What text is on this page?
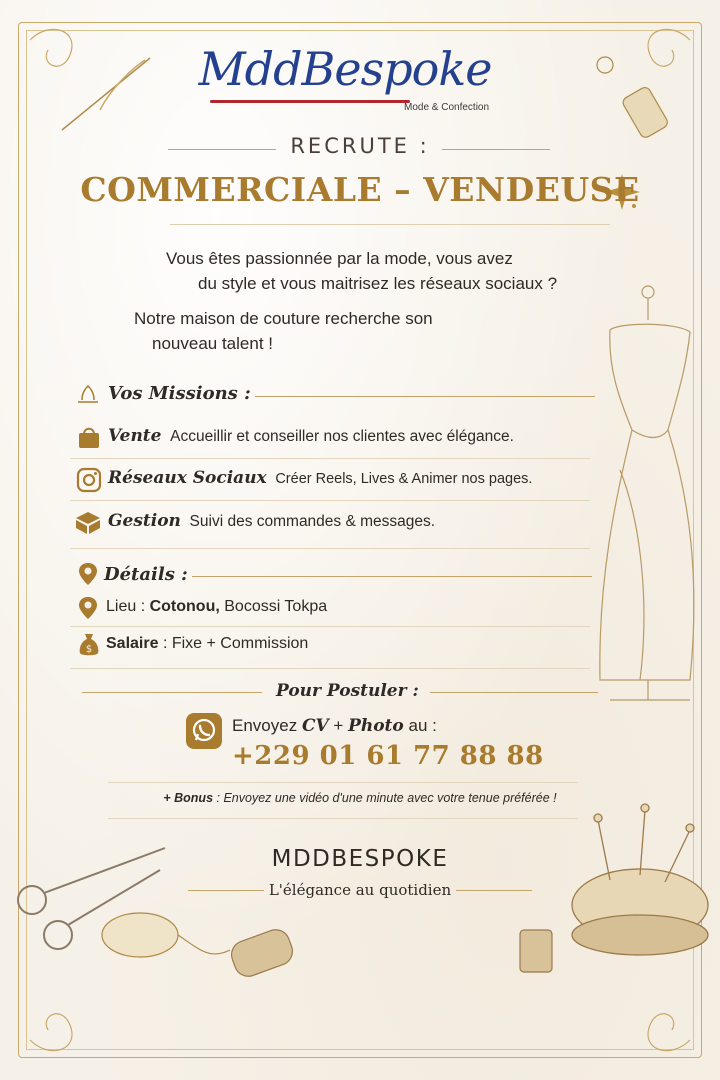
MddBespoke
Mode & Confection
RECRUTE :
COMMERCIALE – VENDEUSE
Vous êtes passionnée par la mode, vous avez
du style et vous maitrisez les réseaux sociaux ?
Notre maison de couture recherche son
nouveau talent !
Vos Missions :
Vente Accueillir et conseiller nos clientes avec élégance.
Réseaux Sociaux Créer Reels, Lives & Animer nos pages.
Gestion Suivi des commandes & messages.
Détails :
Lieu : Cotonou, Bocossi Tokpa
$ Salaire : Fixe + Commission
Pour Postuler :
Envoyez CV + Photo au :
+229 01 61 77 88 88
+ Bonus : Envoyez une vidéo d'une minute avec votre tenue préférée !
MDDBESPOKE
L'élégance au quotidien
